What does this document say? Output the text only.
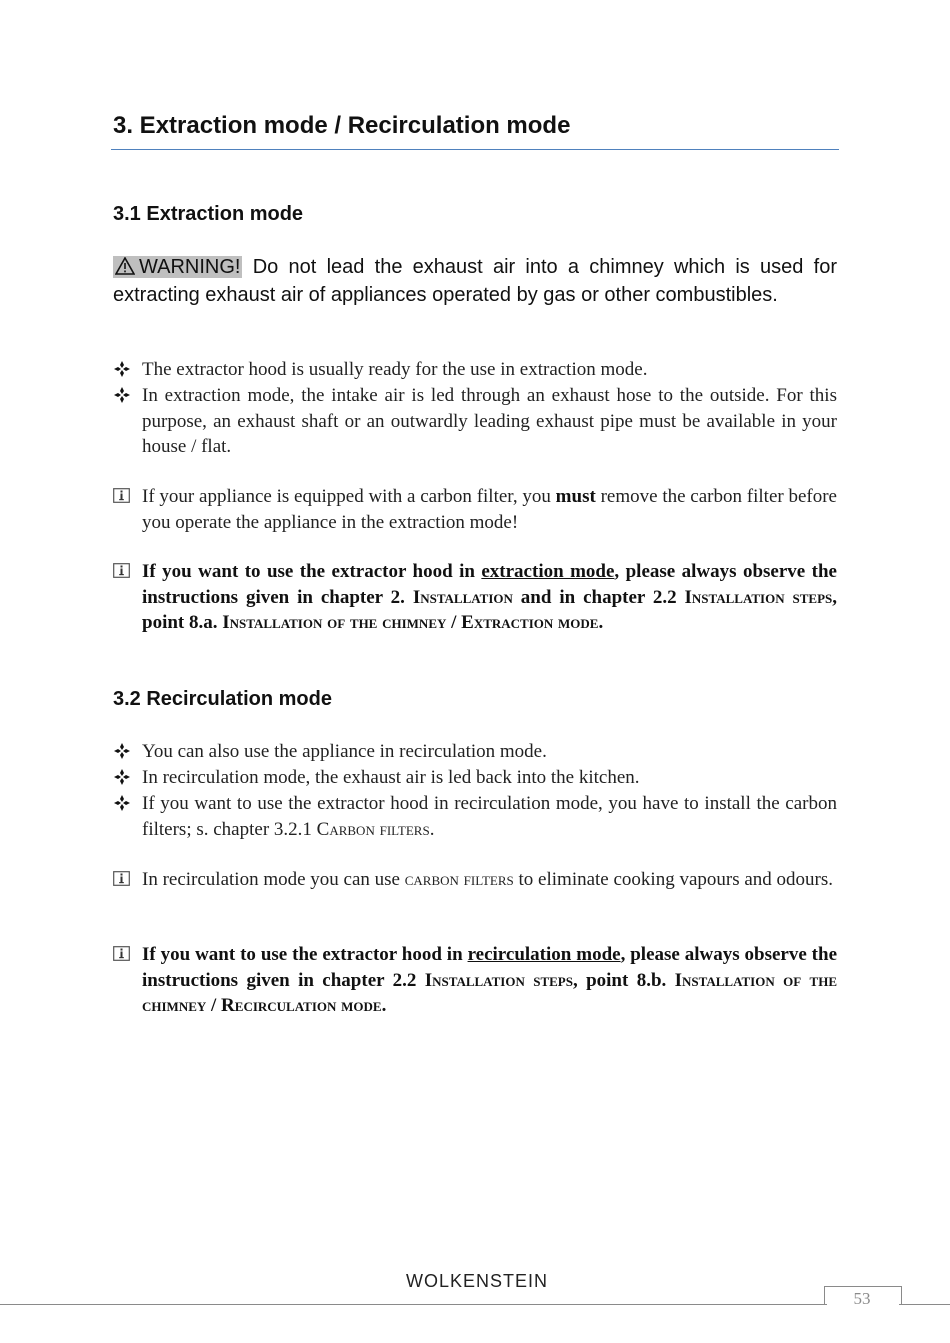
3. Extraction mode / Recirculation mode
3.1 Extraction mode
WARNING! Do not lead the exhaust air into a chimney which is used for extracting exhaust air of appliances operated by gas or other combustibles.
The extractor hood is usually ready for the use in extraction mode.
In extraction mode, the intake air is led through an exhaust hose to the outside. For this purpose, an exhaust shaft or an outwardly leading exhaust pipe must be available in your house / flat.
If your appliance is equipped with a carbon filter, you must remove the carbon filter before you operate the appliance in the extraction mode!
If you want to use the extractor hood in extraction mode, please always observe the instructions given in chapter 2. Installation and in chapter 2.2 Installation steps, point 8.a. Installation of the chimney / Extraction mode.
3.2 Recirculation mode
You can also use the appliance in recirculation mode.
In recirculation mode, the exhaust air is led back into the kitchen.
If you want to use the extractor hood in recirculation mode, you have to install the carbon filters; s. chapter 3.2.1 Carbon filters.
In recirculation mode you can use carbon filters to eliminate cooking vapours and odours.
If you want to use the extractor hood in recirculation mode, please always observe the instructions given in chapter 2.2 Installation steps, point 8.b. Installation of the chimney / Recirculation mode.
WOLKENSTEIN
53
